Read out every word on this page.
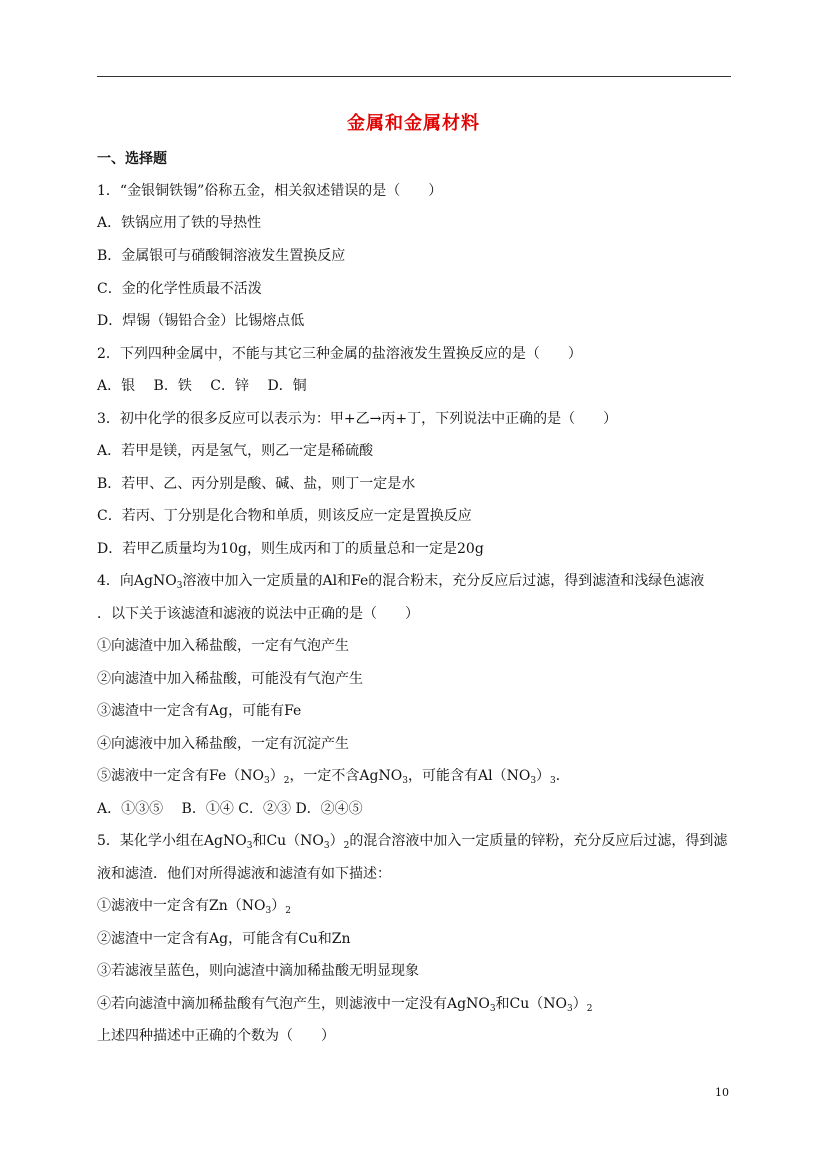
金属和金属材料
一、选择题
1．“金银铜铁锡”俗称五金，相关叙述错误的是（　　）
A．铁锅应用了铁的导热性
B．金属银可与硝酸铜溶液发生置换反应
C．金的化学性质最不活泼
D．焊锡（锡铅合金）比锡熔点低
2．下列四种金属中，不能与其它三种金属的盐溶液发生置换反应的是（　　）
A．银　 B．铁　 C．锌　 D．铜
3．初中化学的很多反应可以表示为：甲+乙→丙+丁，下列说法中正确的是（　　）
A．若甲是镁，丙是氢气，则乙一定是稀硫酸
B．若甲、乙、丙分别是酸、碱、盐，则丁一定是水
C．若丙、丁分别是化合物和单质，则该反应一定是置换反应
D．若甲乙质量均为10g，则生成丙和丁的质量总和一定是20g
4．向AgNO$_3$溶液中加入一定质量的Al和Fe的混合粉末，充分反应后过滤，得到滤渣和浅绿色滤液
．以下关于该滤渣和滤液的说法中正确的是（　　）
①向滤渣中加入稀盐酸，一定有气泡产生
②向滤渣中加入稀盐酸，可能没有气泡产生
③滤渣中一定含有Ag，可能有Fe
④向滤液中加入稀盐酸，一定有沉淀产生
⑤滤液中一定含有$Fe(NO_3)_2$，一定不含AgNO$_3$，可能含有$Al(NO_3)_3$．
A．①③⑤　 B．①④ C．②③ D．②④⑤
5．某化学小组在AgNO$_3$和$Cu(NO_3)_2$的混合溶液中加入一定质量的锌粉，充分反应后过滤，得到滤
液和滤渣．他们对所得滤液和滤渣有如下描述：
①滤液中一定含有$Zn(NO_3)_2$
②滤渣中一定含有Ag，可能含有Cu和Zn
③若滤液呈蓝色，则向滤渣中滴加稀盐酸无明显现象
④若向滤渣中滴加稀盐酸有气泡产生，则滤液中一定没有AgNO$_3$和$Cu(NO_3)_2$
上述四种描述中正确的个数为（　　）
10
